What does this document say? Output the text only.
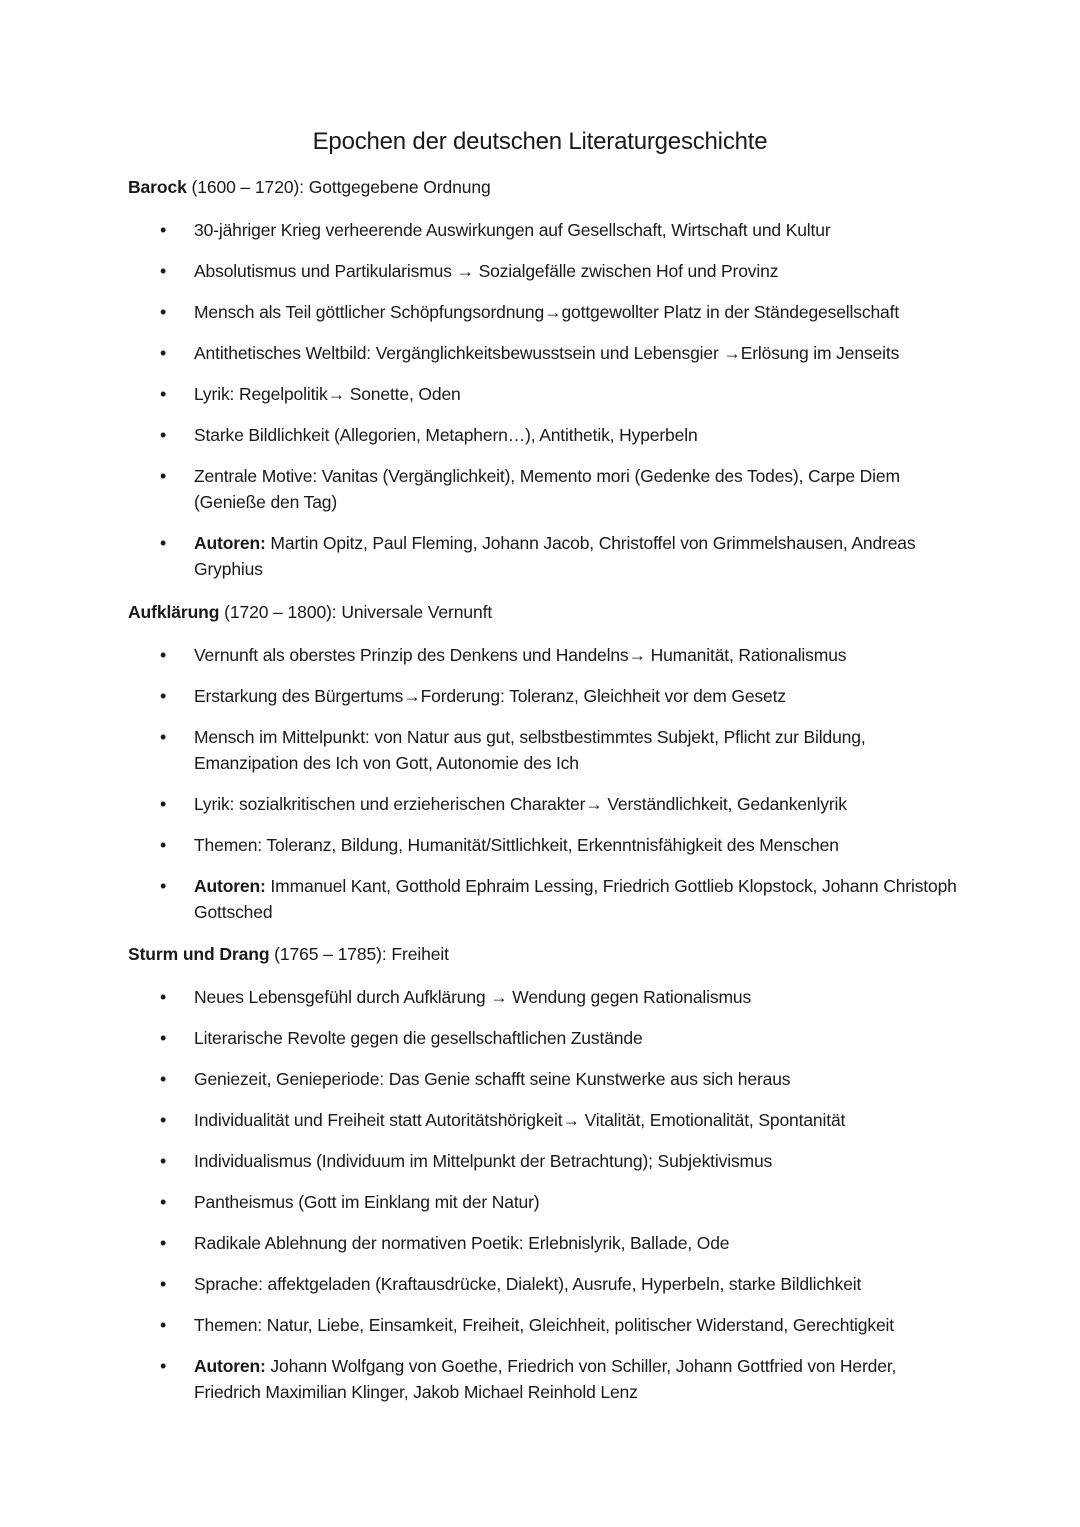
Epochen der deutschen Literaturgeschichte
Barock (1600 – 1720): Gottgegebene Ordnung
• 30-jähriger Krieg verheerende Auswirkungen auf Gesellschaft, Wirtschaft und Kultur
• Absolutismus und Partikularismus → Sozialgefälle zwischen Hof und Provinz
• Mensch als Teil göttlicher Schöpfungsordnung→gottgewollter Platz in der Ständegesellschaft
• Antithetisches Weltbild: Vergänglichkeitsbewusstsein und Lebensgier →Erlösung im Jenseits
• Lyrik: Regelpolitik→ Sonette, Oden
• Starke Bildlichkeit (Allegorien, Metaphern…), Antithetik, Hyperbeln
• Zentrale Motive: Vanitas (Vergänglichkeit), Memento mori (Gedenke des Todes), Carpe Diem (Genieße den Tag)
• Autoren: Martin Opitz, Paul Fleming, Johann Jacob, Christoffel von Grimmelshausen, Andreas Gryphius
Aufklärung (1720 – 1800): Universale Vernunft
• Vernunft als oberstes Prinzip des Denkens und Handelns→ Humanität, Rationalismus
• Erstarkung des Bürgertums→Forderung: Toleranz, Gleichheit vor dem Gesetz
• Mensch im Mittelpunkt: von Natur aus gut, selbstbestimmtes Subjekt, Pflicht zur Bildung, Emanzipation des Ich von Gott, Autonomie des Ich
• Lyrik: sozialkritischen und erzieherischen Charakter→ Verständlichkeit, Gedankenlyrik
• Themen: Toleranz, Bildung, Humanität/Sittlichkeit, Erkenntnisfähigkeit des Menschen
• Autoren: Immanuel Kant, Gotthold Ephraim Lessing, Friedrich Gottlieb Klopstock, Johann Christoph Gottsched
Sturm und Drang (1765 – 1785): Freiheit
• Neues Lebensgefühl durch Aufklärung → Wendung gegen Rationalismus
• Literarische Revolte gegen die gesellschaftlichen Zustände
• Geniezeit, Genieperiode: Das Genie schafft seine Kunstwerke aus sich heraus
• Individualität und Freiheit statt Autoritätshörigkeit→ Vitalität, Emotionalität, Spontanität
• Individualismus (Individuum im Mittelpunkt der Betrachtung); Subjektivismus
• Pantheismus (Gott im Einklang mit der Natur)
• Radikale Ablehnung der normativen Poetik: Erlebnislyrik, Ballade, Ode
• Sprache: affektgeladen (Kraftausdrücke, Dialekt), Ausrufe, Hyperbeln, starke Bildlichkeit
• Themen: Natur, Liebe, Einsamkeit, Freiheit, Gleichheit, politischer Widerstand, Gerechtigkeit
• Autoren: Johann Wolfgang von Goethe, Friedrich von Schiller, Johann Gottfried von Herder, Friedrich Maximilian Klinger, Jakob Michael Reinhold Lenz
